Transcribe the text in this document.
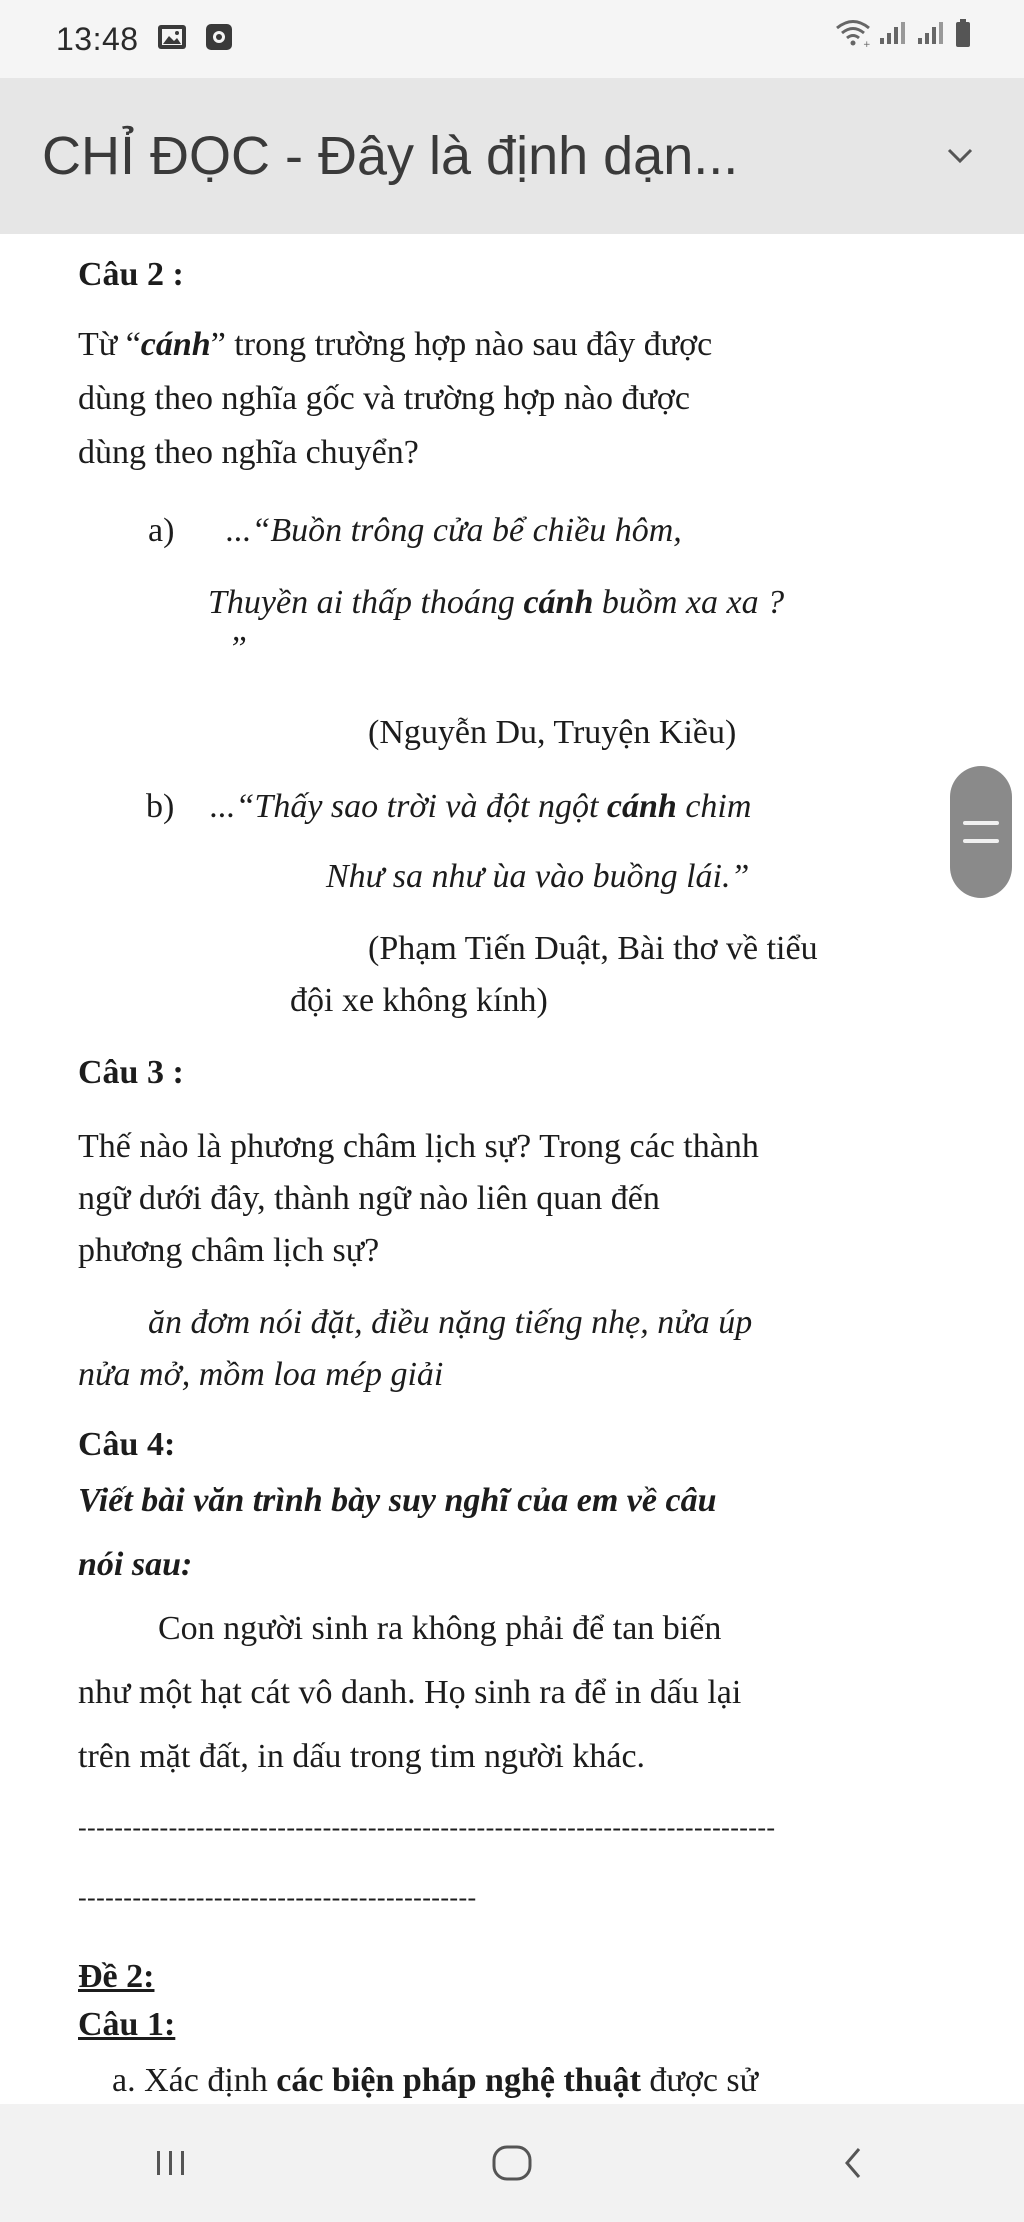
13:48	+
CHỈ ĐỌC - Đây là định dạn...

Câu 2 :

Từ “cánh” trong trường hợp nào sau đây được

dùng theo nghĩa gốc và trường hợp nào được

dùng theo nghĩa chuyển?

a) ...“Buồn trông cửa bể chiều hôm,

Thuyền ai thấp thoáng cánh buồm xa xa ?

”

(Nguyễn Du, Truyện Kiều)

b) ...“Thấy sao trời và đột ngột cánh chim

Như sa như ùa vào buồng lái.”

(Phạm Tiến Duật, Bài thơ về tiểu

đội xe không kính)

Câu 3 :

Thế nào là phương châm lịch sự? Trong các thành

ngữ dưới đây, thành ngữ nào liên quan đến

phương châm lịch sự?

ăn đơm nói đặt, điều nặng tiếng nhẹ, nửa úp

nửa mở, mồm loa mép giải

Câu 4:

Viết bài văn trình bày suy nghĩ của em về câu

nói sau:

Con người sinh ra không phải để tan biến

như một hạt cát vô danh. Họ sinh ra để in dấu lại

trên mặt đất, in dấu trong tim người khác.

-----------------------------------------------------------------------------

--------------------------------------------

Đề 2:

Câu 1:

a. Xác định các biện pháp nghệ thuật được sử
